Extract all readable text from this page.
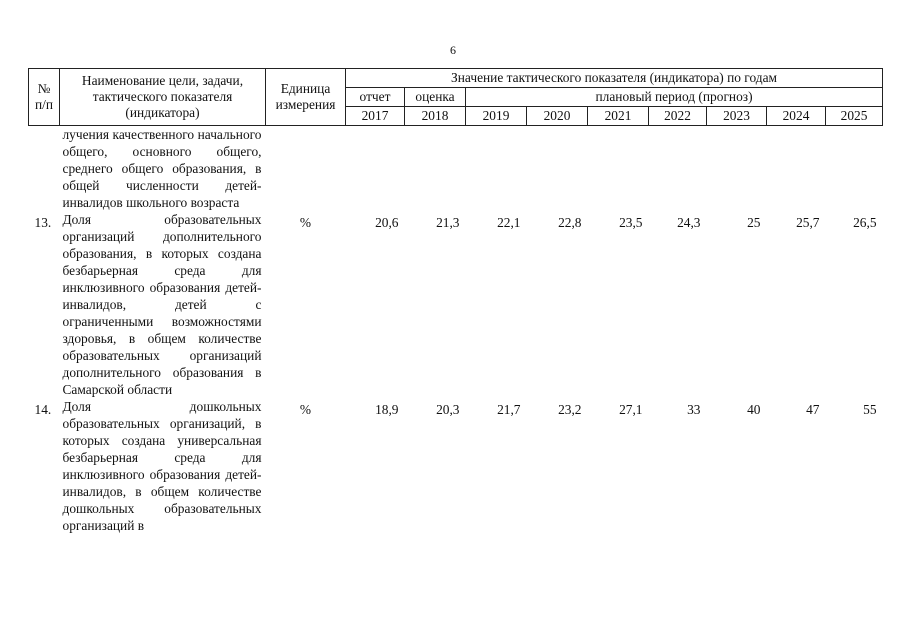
6
№ п/п	Наименование цели, задачи, тактического показателя (индикатора)	Единица измерения	Значение тактического показателя (индикатора) по годам								
			отчет	оценка	плановый период (прогноз)						
			2017	2018	2019	2020	2021	2022	2023	2024	2025
	лучения качественного начального общего, основного общего, среднего общего образования, в общей численности детей-инвалидов школьного возраста										
13.	Доля образовательных организаций дополнительного образования, в которых создана безбарьерная среда для инклюзивного образования детей-инвалидов, детей с ограниченными возможностями здоровья, в общем количестве образовательных организаций дополнительного образования в Самарской области	%	20,6	21,3	22,1	22,8	23,5	24,3	25	25,7	26,5
14.	Доля дошкольных образовательных организаций, в которых создана универсальная безбарьерная среда для инклюзивного образования детей-инвалидов, в общем количестве дошкольных образовательных организаций в	%	18,9	20,3	21,7	23,2	27,1	33	40	47	55
